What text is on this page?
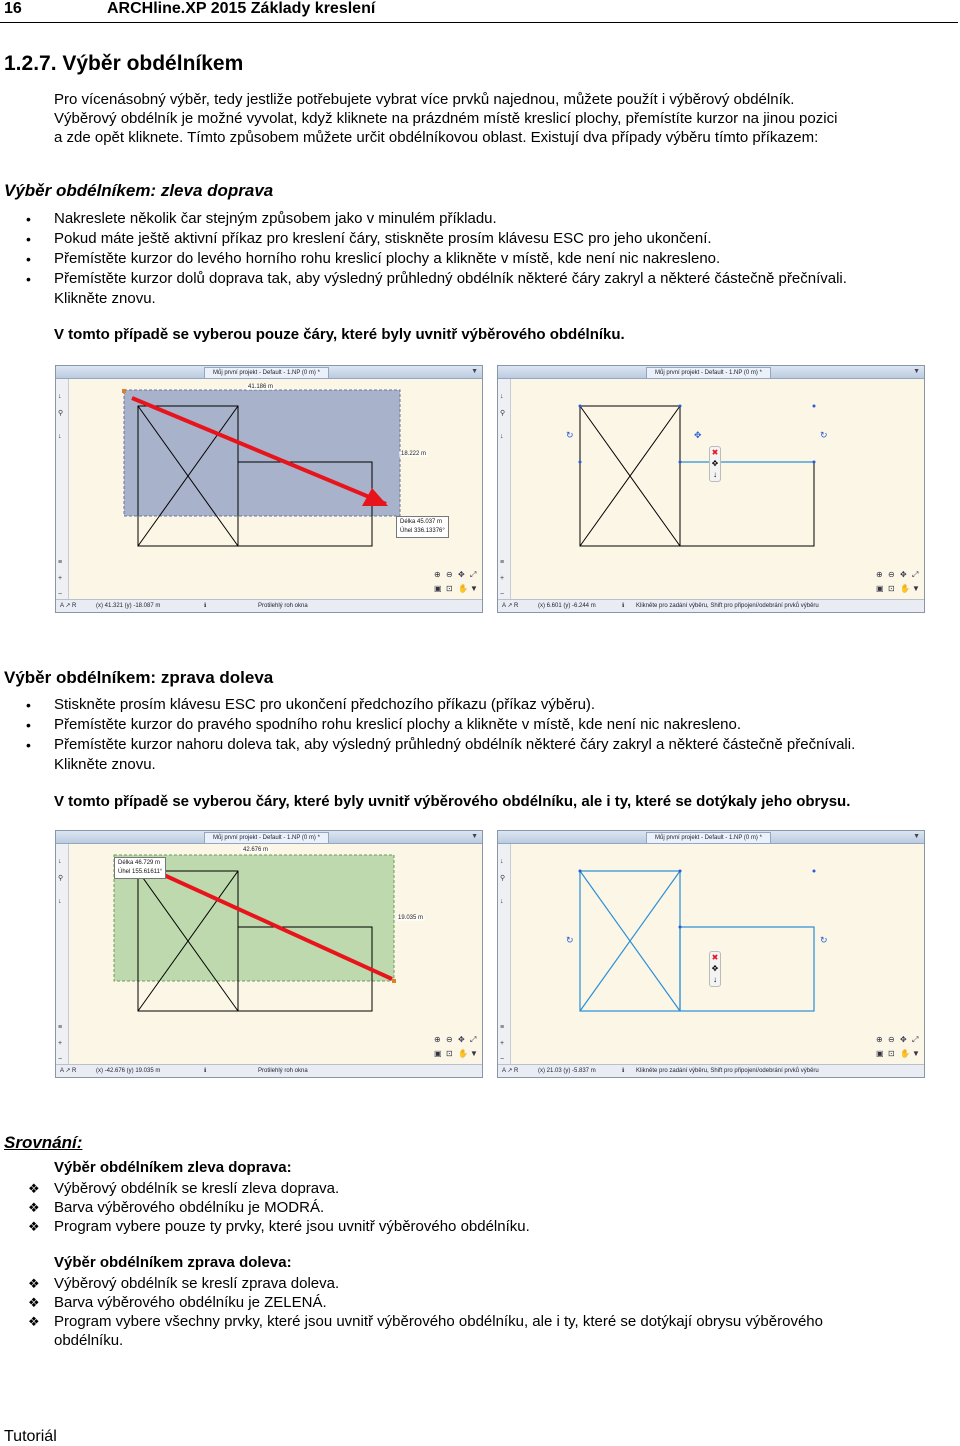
16	ARCHline.XP 2015 Základy kreslení
1.2.7. Výběr obdélníkem
Pro vícenásobný výběr, tedy jestliže potřebujete vybrat více prvků najednou, můžete použít i výběrový obdélník.
Výběrový obdélník je možné vyvolat, když kliknete na prázdném místě kreslicí plochy, přemístíte kurzor na jinou pozici
a zde opět kliknete. Tímto způsobem můžete určit obdélníkovou oblast. Existují dva případy výběru tímto příkazem:
Výběr obdélníkem: zleva doprava
• Nakreslete několik čar stejným způsobem jako v minulém příkladu.
• Pokud máte ještě aktivní příkaz pro kreslení čáry, stiskněte prosím klávesu ESC pro jeho ukončení.
• Přemístěte kurzor do levého horního rohu kreslicí plochy a klikněte v místě, kde není nic nakresleno.
• Přemístěte kurzor dolů doprava tak, aby výsledný průhledný obdélník některé čáry zakryl a některé částečně přečnívali.
Klikněte znovu.
V tomto případě se vyberou pouze čáry, které byly uvnitř výběrového obdélníku.
Můj první projekt - Default - 1.NP (0 m) *	▼
↓
⚲
↓
≡
+
−
41.186 m
18.222 m
Délka 45.037 m
Úhel 336.13376°
⊕ ⊖ ✥ ⤢
▣ ⊡ ✋ ▼
A ↗ R	(x) 41.321 (y) -18.087 m	ℹ	Protilehlý roh okna
Můj první projekt - Default - 1.NP (0 m) *	▼
↓
⚲
↓
≡
+
−
↻	✥	↻
✖
✥
↓
⊕ ⊖ ✥ ⤢
▣ ⊡ ✋ ▼
A ↗ R	(x) 6.601 (y) -6.244 m	ℹ Klikněte pro zadání výběru, Shift pro připojení/odebrání prvků výběru
Výběr obdélníkem: zprava doleva
• Stiskněte prosím klávesu ESC pro ukončení předchozího příkazu (příkaz výběru).
• Přemístěte kurzor do pravého spodního rohu kreslicí plochy a klikněte v místě, kde není nic nakresleno.
• Přemístěte kurzor nahoru doleva tak, aby výsledný průhledný obdélník některé čáry zakryl a některé částečně přečnívali.
Klikněte znovu.
V tomto případě se vyberou čáry, které byly uvnitř výběrového obdélníku, ale i ty, které se dotýkaly jeho obrysu.
Můj první projekt - Default - 1.NP (0 m) *	▼
↓
⚲
↓
≡
+
−
42.676 m
19.035 m
Délka 46.729 m
Úhel 155.61611°
⊕ ⊖ ✥ ⤢
▣ ⊡ ✋ ▼
A ↗ R	(x) -42.676 (y) 19.035 m	ℹ	Protilehlý roh okna
Můj první projekt - Default - 1.NP (0 m) *	▼
↓
⚲
↓
≡
+
−
↻	↻
✖
✥
↓
⊕ ⊖ ✥ ⤢
▣ ⊡ ✋ ▼
A ↗ R	(x) 21.03 (y) -5.837 m	ℹ Klikněte pro zadání výběru, Shift pro připojení/odebrání prvků výběru
Srovnání:
Výběr obdélníkem zleva doprava:
❖ Výběrový obdélník se kreslí zleva doprava.
❖ Barva výběrového obdélníku je MODRÁ.
❖ Program vybere pouze ty prvky, které jsou uvnitř výběrového obdélníku.
Výběr obdélníkem zprava doleva:
❖ Výběrový obdélník se kreslí zprava doleva.
❖ Barva výběrového obdélníku je ZELENÁ.
❖ Program vybere všechny prvky, které jsou uvnitř výběrového obdélníku, ale i ty, které se dotýkají obrysu výběrového
obdélníku.
Tutoriál
